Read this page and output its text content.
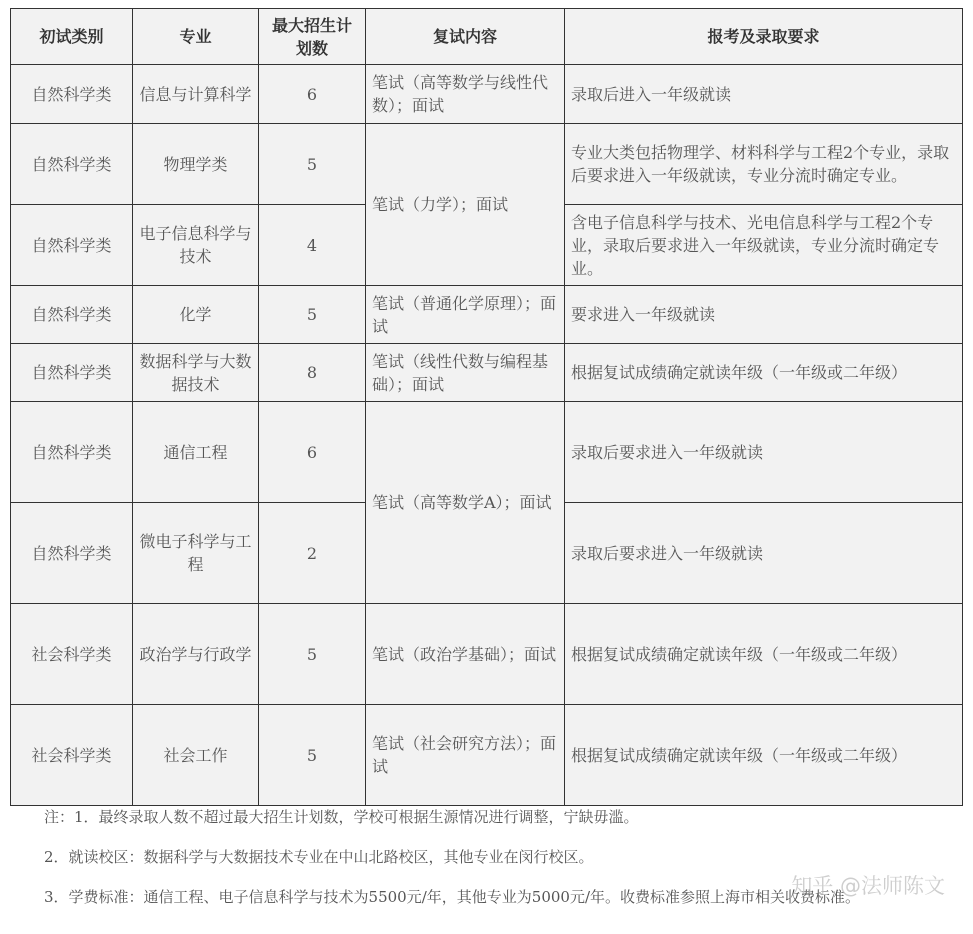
初试类别	专业	最大招生计划数	复试内容	报考及录取要求
自然科学类	信息与计算科学	6	笔试（高等数学与线性代数）；面试	录取后进入一年级就读
自然科学类	物理学类	5	笔试（力学）；面试	专业大类包括物理学、材料科学与工程2个专业，录取后要求进入一年级就读，专业分流时确定专业。
自然科学类	电子信息科学与技术	4		含电子信息科学与技术、光电信息科学与工程2个专业，录取后要求进入一年级就读，专业分流时确定专业。
自然科学类	化学	5	笔试（普通化学原理）；面试	要求进入一年级就读
自然科学类	数据科学与大数据技术	8	笔试（线性代数与编程基础）；面试	根据复试成绩确定就读年级（一年级或二年级）
自然科学类	通信工程	6	笔试（高等数学A）；面试	录取后要求进入一年级就读
自然科学类	微电子科学与工程	2		录取后要求进入一年级就读
社会科学类	政治学与行政学	5	笔试（政治学基础）；面试	根据复试成绩确定就读年级（一年级或二年级）
社会科学类	社会工作	5	笔试（社会研究方法）；面试	根据复试成绩确定就读年级（一年级或二年级）

注：1．最终录取人数不超过最大招生计划数，学校可根据生源情况进行调整，宁缺毋滥。

2．就读校区：数据科学与大数据技术专业在中山北路校区，其他专业在闵行校区。

3．学费标准：通信工程、电子信息科学与技术为5500元/年，其他专业为5000元/年。收费标准参照上海市相关收费标准。

知乎 @法师陈文
